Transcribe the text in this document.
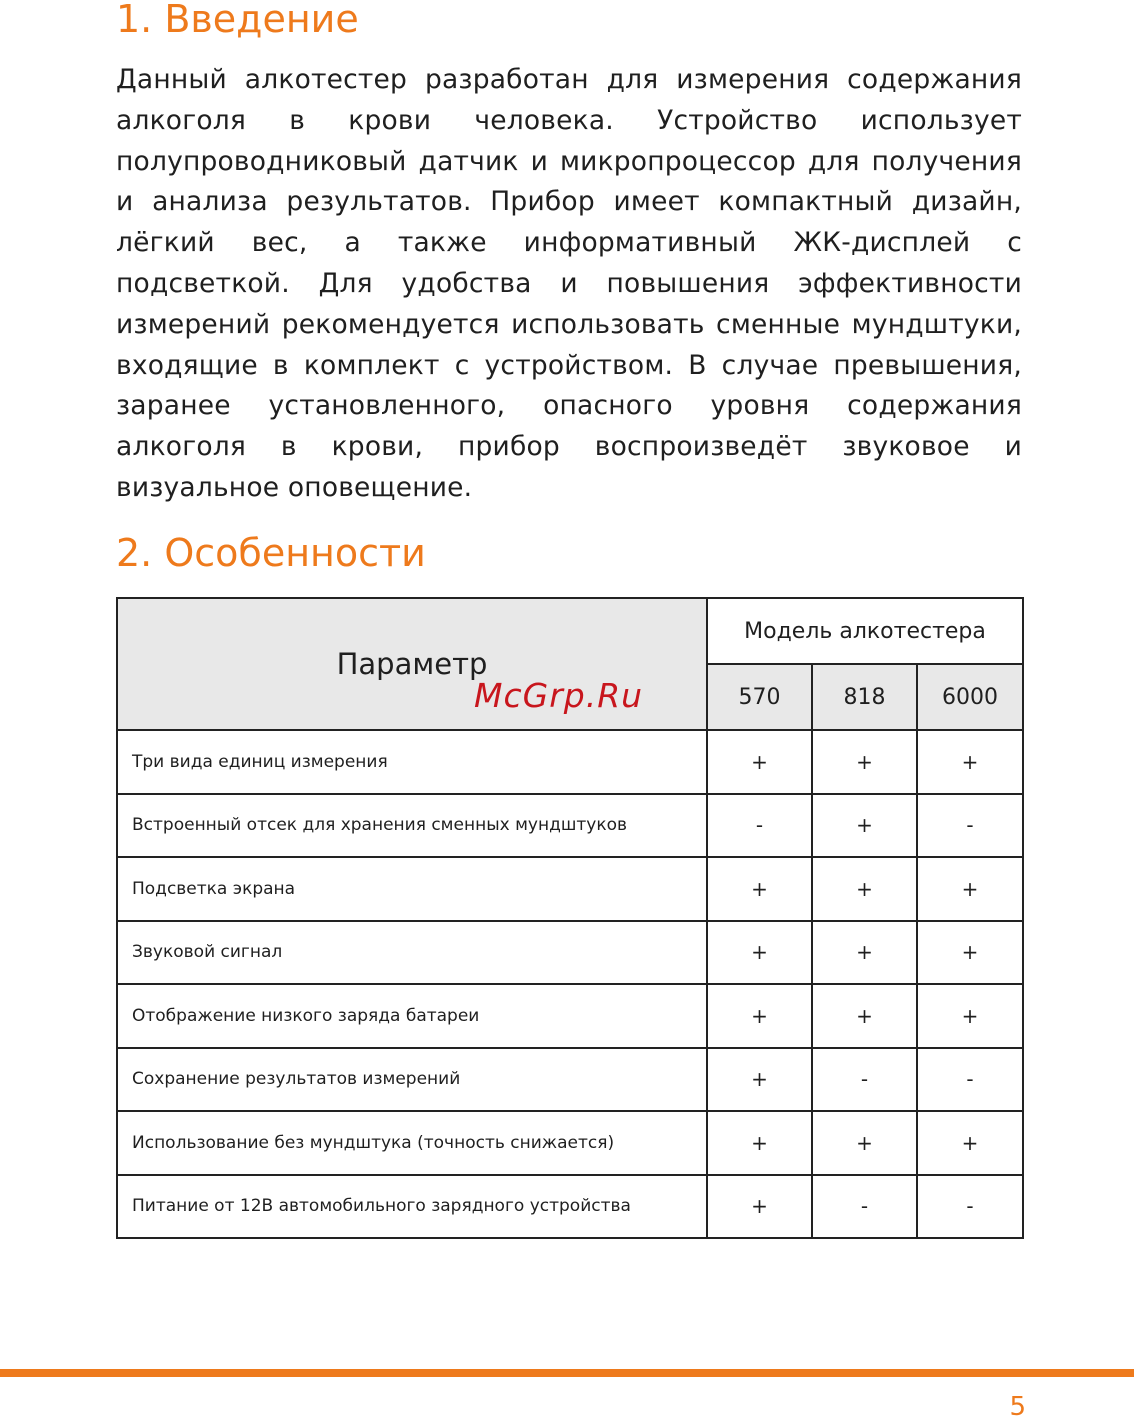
1. Введение

Данный алкотестер разработан для измерения содержания алкоголя в крови человека. Устройство использует полупроводниковый датчик и микропроцессор для получения и анализа результатов. Прибор имеет компактный дизайн, лёгкий вес, а также информативный ЖК-дисплей с подсветкой. Для удобства и повышения эффективности измерений рекомендуется использовать сменные мундштуки, входящие в комплект с устройством. В случае превышения, заранее установленного, опасного уровня содержания алкоголя в крови, прибор воспроизведёт звуковое и визуальное оповещение.

2. Особенности
Параметр
McGrp.Ru	Модель алкотестера		
	570	818	6000
Три вида единиц измерения	+	+	+
Встроенный отсек для хранения сменных мундштуков	-	+	-
Подсветка экрана	+	+	+
Звуковой сигнал	+	+	+
Отображение низкого заряда батареи	+	+	+
Сохранение результатов измерений	+	-	-
Использование без мундштука (точность снижается)	+	+	+
Питание от 12В автомобильного зарядного устройства	+	-	-
5
